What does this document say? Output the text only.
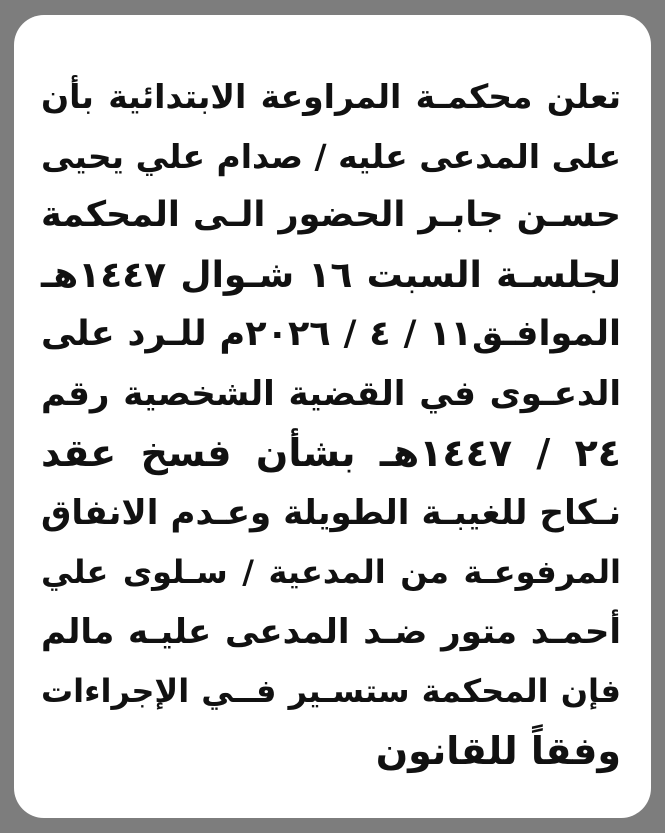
تعلن محكمـة المراوعة الابتدائية بأن
على المدعى عليه / صدام علي يحيى
حسـن جابـر الحضور الـى المحكمة
لجلسـة السبت ١٦ شـوال ١٤٤٧هـ
الموافـق١١ / ٤ / ٢٠٢٦م للـرد على
الدعـوى في القضية الشخصية رقم
٢٤ / ١٤٤٧هـ بشأن فسخ عقد
نـكاح للغيبـة الطويلة وعـدم الانفاق
المرفوعـة من المدعية / سـلوى علي
أحمـد متور ضـد المدعى عليـه مالم
فإن المحكمة ستسـير فــي الإجراءات
وفقاً للقانون
